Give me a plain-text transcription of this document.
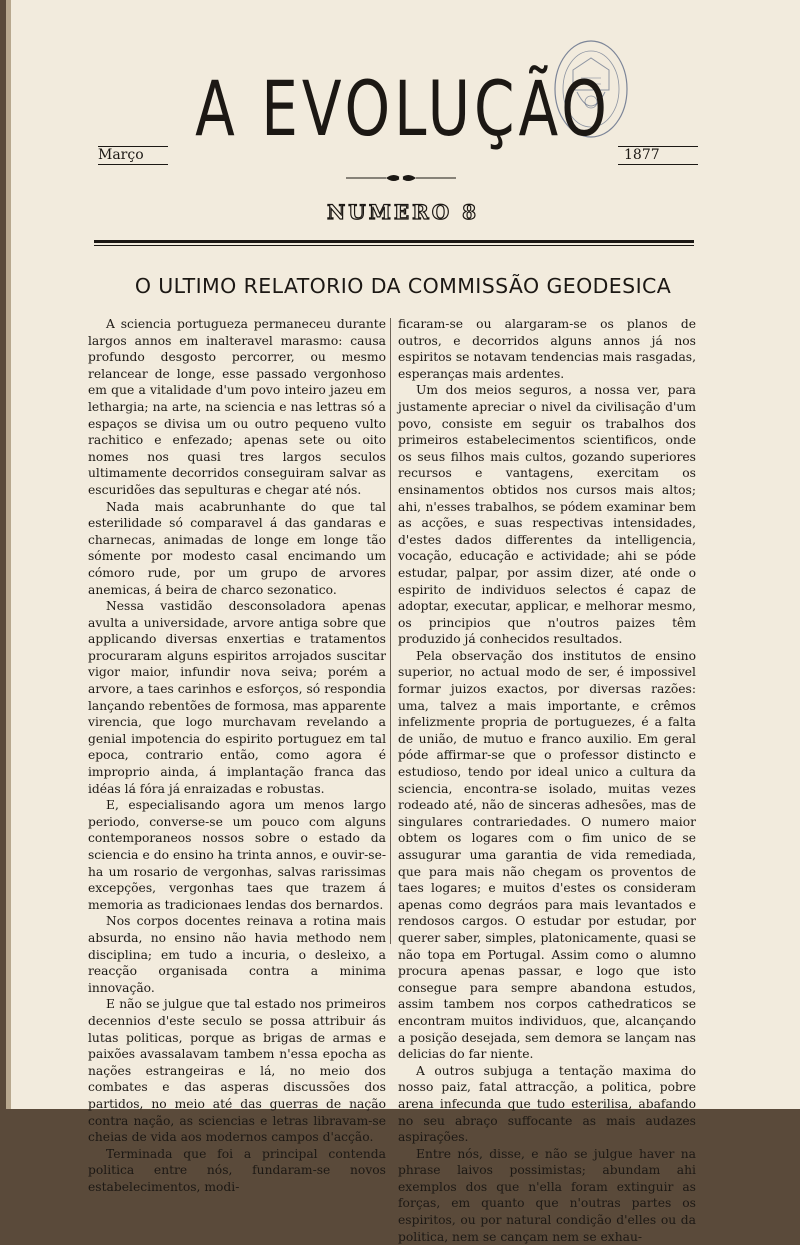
A EVOLUÇÃO
Março	1877
NUMERO 8
O ULTIMO RELATORIO DA COMMISSÃO GEODESICA

A sciencia portugueza permaneceu durante largos annos em inalteravel marasmo: causa profundo desgosto percorrer, ou mesmo relancear de longe, esse passado vergonhoso em que a vitalidade d'um povo inteiro jazeu em lethargia; na arte, na sciencia e nas lettras só a espaços se divisa um ou outro pequeno vulto rachitico e enfezado; apenas sete ou oito nomes nos quasi tres largos seculos ultimamente decorridos conseguiram salvar as escuridões das sepulturas e chegar até nós.

Nada mais acabrunhante do que tal esterilidade só comparavel á das gandaras e charnecas, animadas de longe em longe tão sómente por modesto casal encimando um cómoro rude, por um grupo de arvores anemicas, á beira de charco sezonatico.

Nessa vastidão desconsoladora apenas avulta a universidade, arvore antiga sobre que applicando diversas enxertias e tratamentos procuraram alguns espiritos arrojados suscitar vigor maior, infundir nova seiva; porém a arvore, a taes carinhos e esforços, só respondia lançando rebentões de formosa, mas apparente virencia, que logo murchavam revelando a genial impotencia do espirito portuguez em tal epoca, contrario então, como agora é improprio ainda, á implantação franca das idéas lá fóra já enraizadas e robustas.

E, especialisando agora um menos largo periodo, converse-se um pouco com alguns contemporaneos nossos sobre o estado da sciencia e do ensino ha trinta annos, e ouvir-se-ha um rosario de vergonhas, salvas rarissimas excepções, vergonhas taes que trazem á memoria as tradicionaes lendas dos bernardos.

Nos corpos docentes reinava a rotina mais absurda, no ensino não havia methodo nem disciplina; em tudo a incuria, o desleixo, a reacção organisada contra a minima innovação.

E não se julgue que tal estado nos primeiros decennios d'este seculo se possa attribuir ás lutas politicas, porque as brigas de armas e paixões avassalavam tambem n'essa epocha as nações estrangeiras e lá, no meio dos combates e das asperas discussões dos partidos, no meio até das guerras de nação contra nação, as sciencias e letras libravam-se cheias de vida aos modernos campos d'acção.

Terminada que foi a principal contenda politica entre nós, fundaram-se novos estabelecimentos, modi-

ficaram-se ou alargaram-se os planos de outros, e decorridos alguns annos já nos espiritos se notavam tendencias mais rasgadas, esperanças mais ardentes.

Um dos meios seguros, a nossa ver, para justamente apreciar o nivel da civilisação d'um povo, consiste em seguir os trabalhos dos primeiros estabelecimentos scientificos, onde os seus filhos mais cultos, gozando superiores recursos e vantagens, exercitam os ensinamentos obtidos nos cursos mais altos; ahi, n'esses trabalhos, se pódem examinar bem as acções, e suas respectivas intensidades, d'estes dados differentes da intelligencia, vocação, educação e actividade; ahi se póde estudar, palpar, por assim dizer, até onde o espirito de individuos selectos é capaz de adoptar, executar, applicar, e melhorar mesmo, os principios que n'outros paizes têm produzido já conhecidos resultados.

Pela observação dos institutos de ensino superior, no actual modo de ser, é impossivel formar juizos exactos, por diversas razões: uma, talvez a mais importante, e crêmos infelizmente propria de portuguezes, é a falta de união, de mutuo e franco auxilio. Em geral póde affirmar-se que o professor distincto e estudioso, tendo por ideal unico a cultura da sciencia, encontra-se isolado, muitas vezes rodeado até, não de sinceras adhesões, mas de singulares contrariedades. O numero maior obtem os logares com o fim unico de se assugurar uma garantia de vida remediada, que para mais não chegam os proventos de taes logares; e muitos d'estes os consideram apenas como degráos para mais levantados e rendosos cargos. O estudar por estudar, por querer saber, simples, platonicamente, quasi se não topa em Portugal. Assim como o alumno procura apenas passar, e logo que isto consegue para sempre abandona estudos, assim tambem nos corpos cathedraticos se encontram muitos individuos, que, alcançando a posição desejada, sem demora se lançam nas delicias do far niente.

A outros subjuga a tentação maxima do nosso paiz, fatal attracção, a politica, pobre arena infecunda que tudo esterilisa, abafando no seu abraço suffocante as mais audazes aspirações.

Entre nós, disse, e não se julgue haver na phrase laivos possimistas; abundam ahi exemplos dos que n'ella foram extinguir as forças, em quanto que n'outras partes os espiritos, ou por natural condição d'elles ou da politica, nem se cançam nem se exhau-
